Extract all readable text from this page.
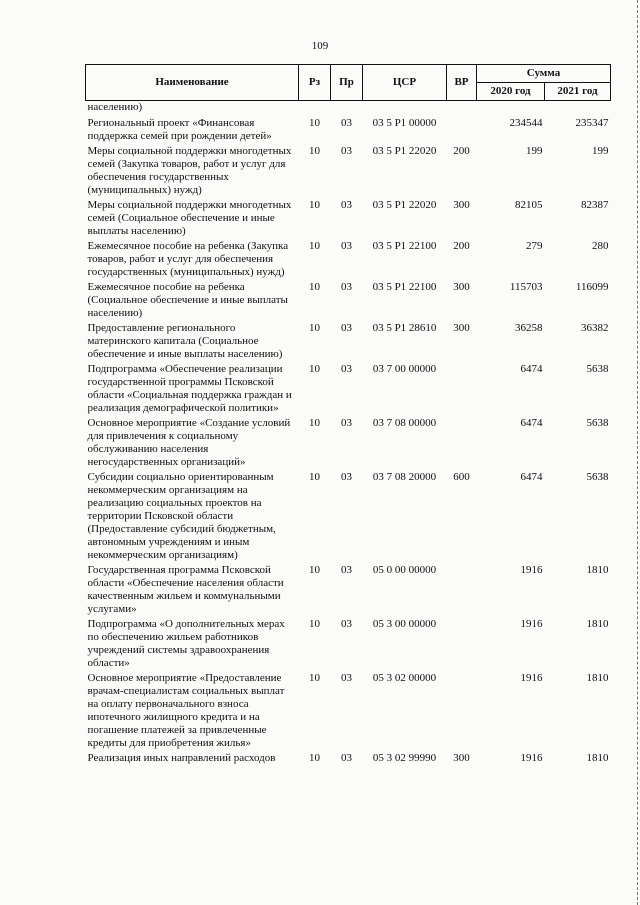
109
Наименование	Рз	Пр	ЦСР	ВР	Сумма	
					2020 год	2021 год
населению)						
Региональный проект «Финансовая поддержка семей при рождении детей»	10	03	03 5 P1 00000		234544	235347
Меры социальной поддержки многодетных семей (Закупка товаров, работ и услуг для обеспечения государственных (муниципальных) нужд)	10	03	03 5 P1 22020	200	199	199
Меры социальной поддержки многодетных семей (Социальное обеспечение и иные выплаты населению)	10	03	03 5 P1 22020	300	82105	82387
Ежемесячное пособие на ребенка (Закупка товаров, работ и услуг для обеспечения государственных (муниципальных) нужд)	10	03	03 5 P1 22100	200	279	280
Ежемесячное пособие на ребенка (Социальное обеспечение и иные выплаты населению)	10	03	03 5 P1 22100	300	115703	116099
Предоставление регионального материнского капитала (Социальное обеспечение и иные выплаты населению)	10	03	03 5 P1 28610	300	36258	36382
Подпрограмма «Обеспечение реализации государственной программы Псковской области «Социальная поддержка граждан и реализация демографической политики»	10	03	03 7 00 00000		6474	5638
Основное мероприятие «Создание условий для привлечения к социальному обслуживанию населения негосударственных организаций»	10	03	03 7 08 00000		6474	5638
Субсидии социально ориентированным некоммерческим организациям на реализацию социальных проектов на территории Псковской области (Предоставление субсидий бюджетным, автономным учреждениям и иным некоммерческим организациям)	10	03	03 7 08 20000	600	6474	5638
Государственная программа Псковской области «Обеспечение населения области качественным жильем и коммунальными услугами»	10	03	05 0 00 00000		1916	1810
Подпрограмма «О дополнительных мерах по обеспечению жильем работников учреждений системы здравоохранения области»	10	03	05 3 00 00000		1916	1810
Основное мероприятие «Предоставление врачам-специалистам социальных выплат на оплату первоначального взноса ипотечного жилищного кредита и на погашение платежей за привлеченные кредиты для приобретения жилья»	10	03	05 3 02 00000		1916	1810
Реализация иных направлений расходов	10	03	05 3 02 99990	300	1916	1810
